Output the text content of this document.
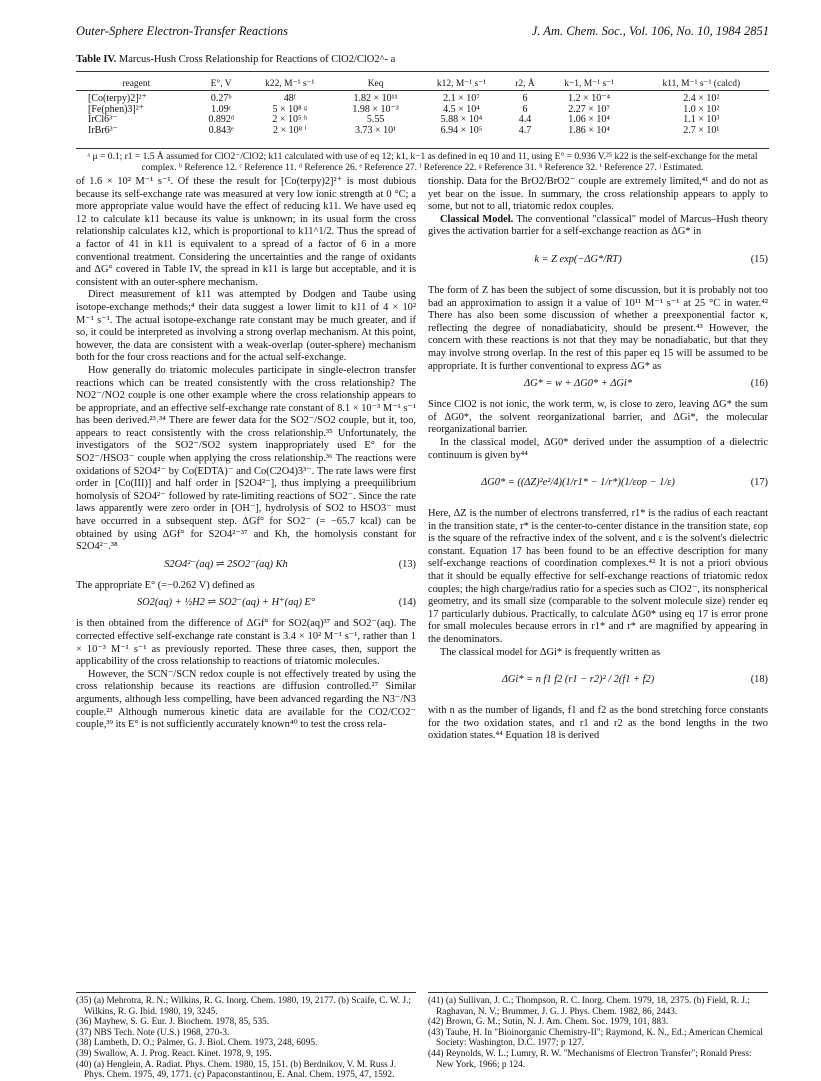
Outer-Sphere Electron-Transfer Reactions	J. Am. Chem. Soc., Vol. 106, No. 10, 1984 2851
Table IV. Marcus-Hush Cross Relationship for Reactions of ClO2/ClO2^- a
reagent	E°, V	k22, M⁻¹ s⁻¹	Keq	k12, M⁻¹ s⁻¹	r2, Å	k−1, M⁻¹ s⁻¹	k11, M⁻¹ s⁻¹ (calcd)

[Co(terpy)2]²⁺	0.27ᵇ	48ᶠ	1.82 × 10¹¹	2.1 × 10⁷	6	1.2 × 10⁻⁴	2.4 × 10²
[Fe(phen)3]²⁺	1.09ᶜ	5 × 10⁸ ᵍ	1.98 × 10⁻³	4.5 × 10⁴	6	2.27 × 10⁷	1.0 × 10²
IrCl6³⁻	0.892ᵈ	2 × 10⁵ ʰ	5.55	5.88 × 10⁴	4.4	1.06 × 10⁴	1.1 × 10³
IrBr6³⁻	0.843ᵉ	2 × 10⁸ ⁱ	3.73 × 10¹	6.94 × 10⁵	4.7	1.86 × 10⁴	2.7 × 10¹
ᵃ μ = 0.1; r1 = 1.5 Å assumed for ClO2⁻/ClO2; k11 calculated with use of eq 12; k1, k−1 as defined in eq 10 and 11, using E° = 0.936 V.²⁵ k22 is the self-exchange for the metal complex. ᵇ Reference 12. ᶜ Reference 11. ᵈ Reference 26. ᵉ Reference 27. ᶠ Reference 22. ᵍ Reference 31. ʰ Reference 32. ⁱ Reference 27. ʲ Estimated.

of 1.6 × 10² M⁻¹ s⁻¹. Of these the result for [Co(terpy)2]²⁺ is most dubious because its self-exchange rate was measured at very low ionic strength at 0 °C; a more appropriate value would have the effect of reducing k11. We have used eq 12 to calculate k11 because its value is unknown; in its usual form the cross relationship calculates k12, which is proportional to k11^1/2. Thus the spread of a factor of 41 in k11 is equivalent to a spread of a factor of 6 in a more conventional treatment. Considering the uncertainties and the range of oxidants and ΔG° covered in Table IV, the spread in k11 is large but acceptable, and it is consistent with an outer-sphere mechanism.

Direct measurement of k11 was attempted by Dodgen and Taube using isotope-exchange methods;⁴ their data suggest a lower limit to k11 of 4 × 10² M⁻¹ s⁻¹. The actual isotope-exchange rate constant may be much greater, and if so, it could be interpreted as involving a strong overlap mechanism. At this point, however, the data are consistent with a weak-overlap (outer-sphere) mechanism both for the four cross reactions and for the actual self-exchange.

How generally do triatomic molecules participate in single-electron transfer reactions which can be treated consistently with the cross relationship? The NO2⁻/NO2 couple is one other example where the cross relationship appears to be appropriate, and an effective self-exchange rate constant of 8.1 × 10⁻³ M⁻¹ s⁻¹ has been derived.²³˒³⁴ There are fewer data for the SO2⁻/SO2 couple, but it, too, appears to react consistently with the cross relationship.³⁵ Unfortunately, the investigators of the SO2⁻/SO2 system inappropriately used E° for the SO2⁻/HSO3⁻ couple when applying the cross relationship.³⁶ The reactions were oxidations of S2O4²⁻ by Co(EDTA)⁻ and Co(C2O4)3³⁻. The rate laws were first order in [Co(III)] and half order in [S2O4²⁻], thus implying a preequilibrium homolysis of S2O4²⁻ followed by rate-limiting reactions of SO2⁻. Since the rate laws apparently were zero order in [OH⁻], hydrolysis of SO2 to HSO3⁻ must have occurred in a subsequent step. ΔGf° for SO2⁻ (= −65.7 kcal) can be obtained by using ΔGf° for S2O4²⁻³⁷ and Kh, the homolysis constant for S2O4²⁻.³⁸

S2O4²⁻(aq) ⇌ 2SO2⁻(aq) Kh	(13)

The appropriate E° (=−0.262 V) defined as

SO2(aq) + ½H2 ⇌ SO2⁻(aq) + H⁺(aq) E°	(14)

is then obtained from the difference of ΔGf° for SO2(aq)³⁷ and SO2⁻(aq). The corrected effective self-exchange rate constant is 3.4 × 10² M⁻¹ s⁻¹, rather than 1 × 10⁻³ M⁻¹ s⁻¹ as previously reported. These three cases, then, support the applicability of the cross relationship to reactions of triatomic molecules.

However, the SCN⁻/SCN redox couple is not effectively treated by using the cross relationship because its reactions are diffusion controlled.²⁷ Similar arguments, although less compelling, have been advanced regarding the N3⁻/N3 couple.²³ Although numerous kinetic data are available for the CO2/CO2⁻ couple,³⁹ its E° is not sufficiently accurately known⁴⁰ to test the cross rela-

tionship. Data for the BrO2/BrO2⁻ couple are extremely limited,⁴¹ and do not as yet bear on the issue. In summary, the cross relationship appears to apply to some, but not to all, triatomic redox couples.

Classical Model. The conventional "classical" model of Marcus–Hush theory gives the activation barrier for a self-exchange reaction as ΔG* in

k = Z exp(−ΔG*/RT)	(15)

The form of Z has been the subject of some discussion, but it is probably not too bad an approximation to assign it a value of 10¹¹ M⁻¹ s⁻¹ at 25 °C in water.⁴² There has also been some discussion of whether a preexponential factor κ, reflecting the degree of nonadiabaticity, should be present.⁴³ However, the concern with these reactions is not that they may be nonadiabatic, but that they may involve strong overlap. In the rest of this paper eq 15 will be assumed to be appropriate. It is further conventional to express ΔG* as

ΔG* = w + ΔG0* + ΔGi*	(16)

Since ClO2 is not ionic, the work term, w, is close to zero, leaving ΔG* the sum of ΔG0*, the solvent reorganizational barrier, and ΔGi*, the molecular reorganizational barrier.

In the classical model, ΔG0* derived under the assumption of a dielectric continuum is given by⁴⁴

ΔG0* = ((ΔZ)²e²/4)(1/r1* − 1/r*)(1/εop − 1/ε)	(17)

Here, ΔZ is the number of electrons transferred, r1* is the radius of each reactant in the transition state, r* is the center-to-center distance in the transition state, εop is the square of the refractive index of the solvent, and ε is the solvent's dielectric constant. Equation 17 has been found to be an effective description for many self-exchange reactions of coordination complexes.⁴² It is not a priori obvious that it should be equally effective for self-exchange reactions of triatomic redox couples; the high charge/radius ratio for a species such as ClO2⁻, its nonspherical geometry, and its small size (comparable to the solvent molecule size) render eq 17 particularly dubious. Practically, to calculate ΔG0* using eq 17 is error prone for small molecules because errors in r1* and r* are magnified by appearing in the denominators.

The classical model for ΔGi* is frequently written as

ΔGi* = n f1 f2 (r1 − r2)² / 2(f1 + f2)	(18)

with n as the number of ligands, f1 and f2 as the bond stretching force constants for the two oxidation states, and r1 and r2 as the bond lengths in the two oxidation states.⁴⁴ Equation 18 is derived

(35) (a) Mehrotra, R. N.; Wilkins, R. G. Inorg. Chem. 1980, 19, 2177. (b) Scaife, C. W. J.; Wilkins, R. G. Ibid. 1980, 19, 3245.

(36) Mayhew, S. G. Eur. J. Biochem. 1978, 85, 535.

(37) NBS Tech. Note (U.S.) 1968, 270-3.

(38) Lambeth, D. O.; Palmer, G. J. Biol. Chem. 1973, 248, 6095.

(39) Swallow, A. J. Prog. React. Kinet. 1978, 9, 195.

(40) (a) Henglein, A. Radiat. Phys. Chem. 1980, 15, 151. (b) Berdnikov, V. M. Russ J. Phys. Chem. 1975, 49, 1771. (c) Papaconstantinou, E. Anal. Chem. 1975, 47, 1592.

(41) (a) Sullivan, J. C.; Thompson, R. C. Inorg. Chem. 1979, 18, 2375. (b) Field, R. J.; Raghavan, N. V.; Brummer, J. G. J. Phys. Chem. 1982, 86, 2443.

(42) Brown, G. M.; Sutin, N. J. Am. Chem. Soc. 1979, 101, 883.

(43) Taube, H. In "Bioinorganic Chemistry-II"; Raymond, K. N., Ed.; American Chemical Society: Washington, D.C. 1977; p 127.

(44) Reynolds, W. L.; Lumry, R. W. "Mechanisms of Electron Transfer"; Ronald Press: New York, 1966; p 124.
